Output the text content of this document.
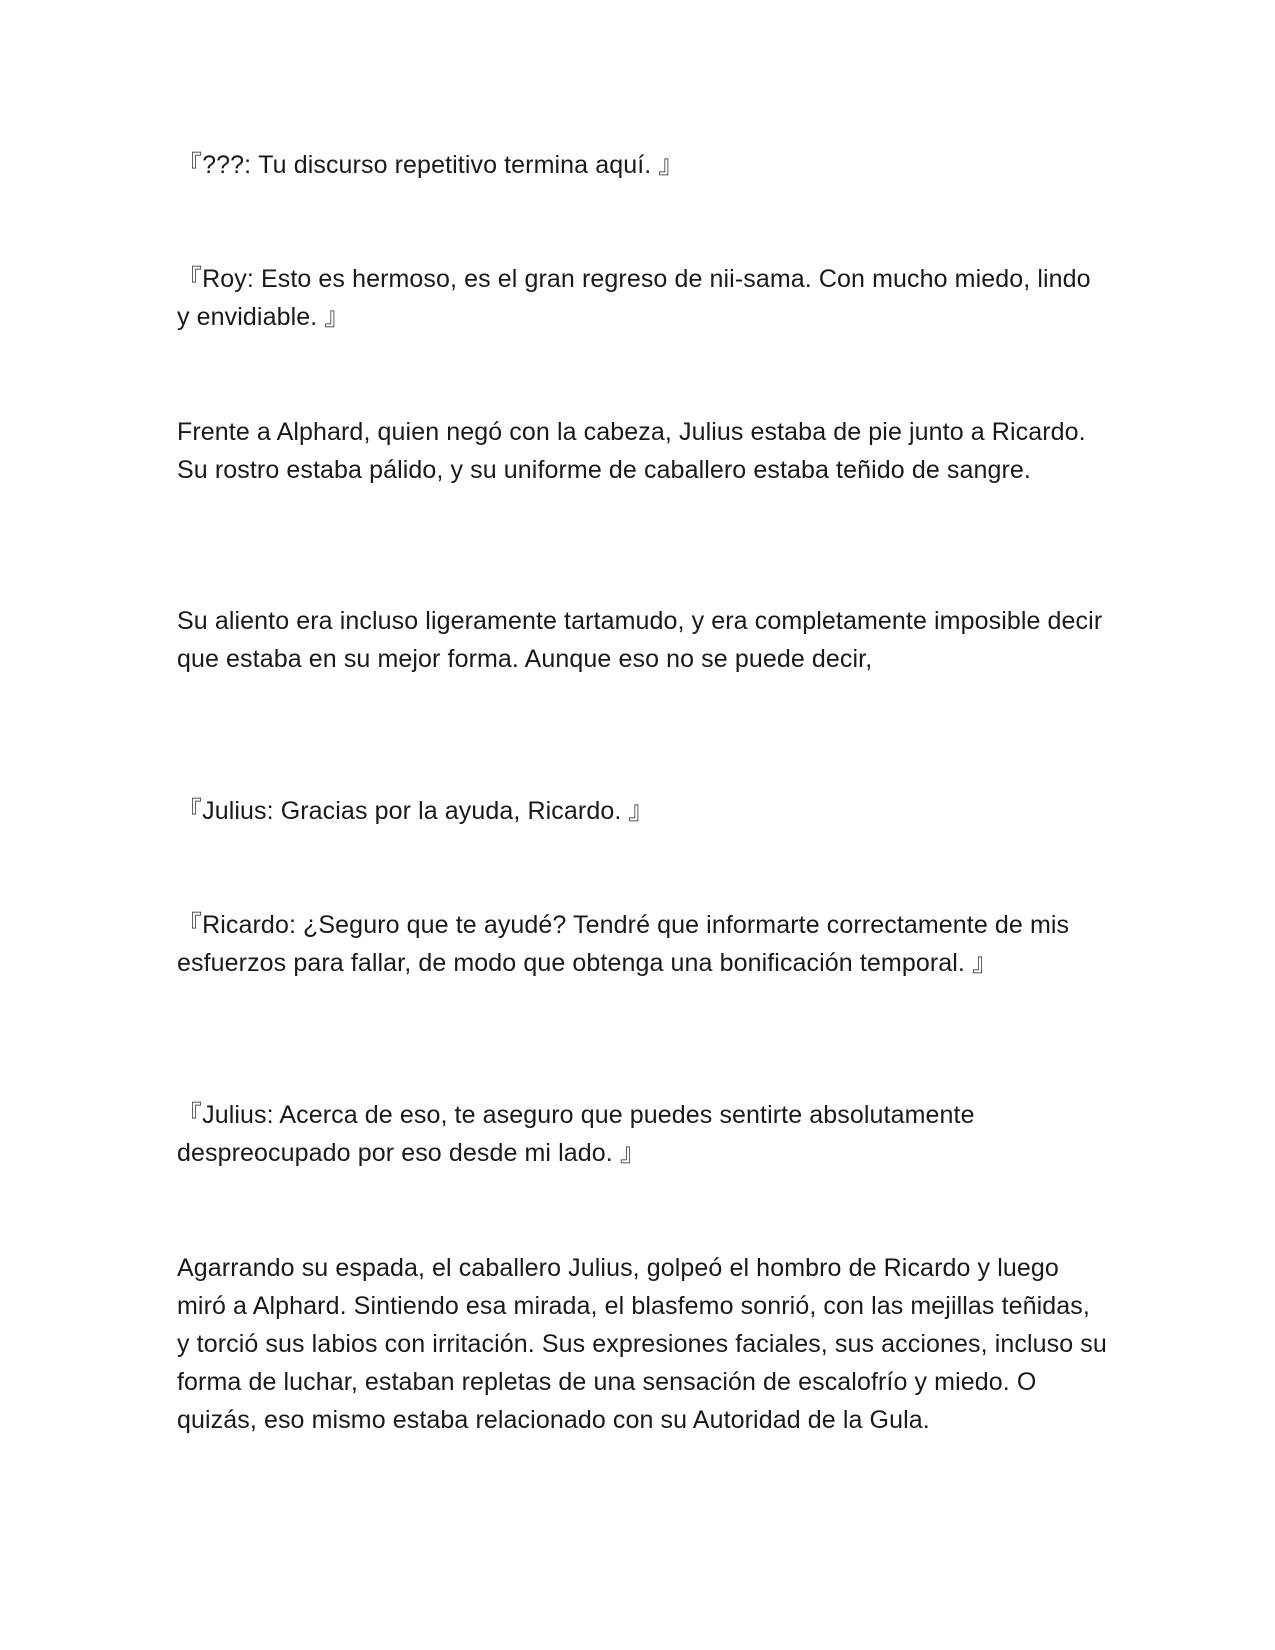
『???: Tu discurso repetitivo termina aquí. 』

『Roy: Esto es hermoso, es el gran regreso de nii-sama. Con mucho miedo, lindo y envidiable. 』

Frente a Alphard, quien negó con la cabeza, Julius estaba de pie junto a Ricardo. Su rostro estaba pálido, y su uniforme de caballero estaba teñido de sangre.

Su aliento era incluso ligeramente tartamudo, y era completamente imposible decir que estaba en su mejor forma. Aunque eso no se puede decir,

『Julius: Gracias por la ayuda, Ricardo. 』

『Ricardo: ¿Seguro que te ayudé? Tendré que informarte correctamente de mis esfuerzos para fallar, de modo que obtenga una bonificación temporal. 』

『Julius: Acerca de eso, te aseguro que puedes sentirte absolutamente despreocupado por eso desde mi lado. 』

Agarrando su espada, el caballero Julius, golpeó el hombro de Ricardo y luego miró a Alphard. Sintiendo esa mirada, el blasfemo sonrió, con las mejillas teñidas, y torció sus labios con irritación. Sus expresiones faciales, sus acciones, incluso su forma de luchar, estaban repletas de una sensación de escalofrío y miedo. O quizás, eso mismo estaba relacionado con su Autoridad de la Gula.
